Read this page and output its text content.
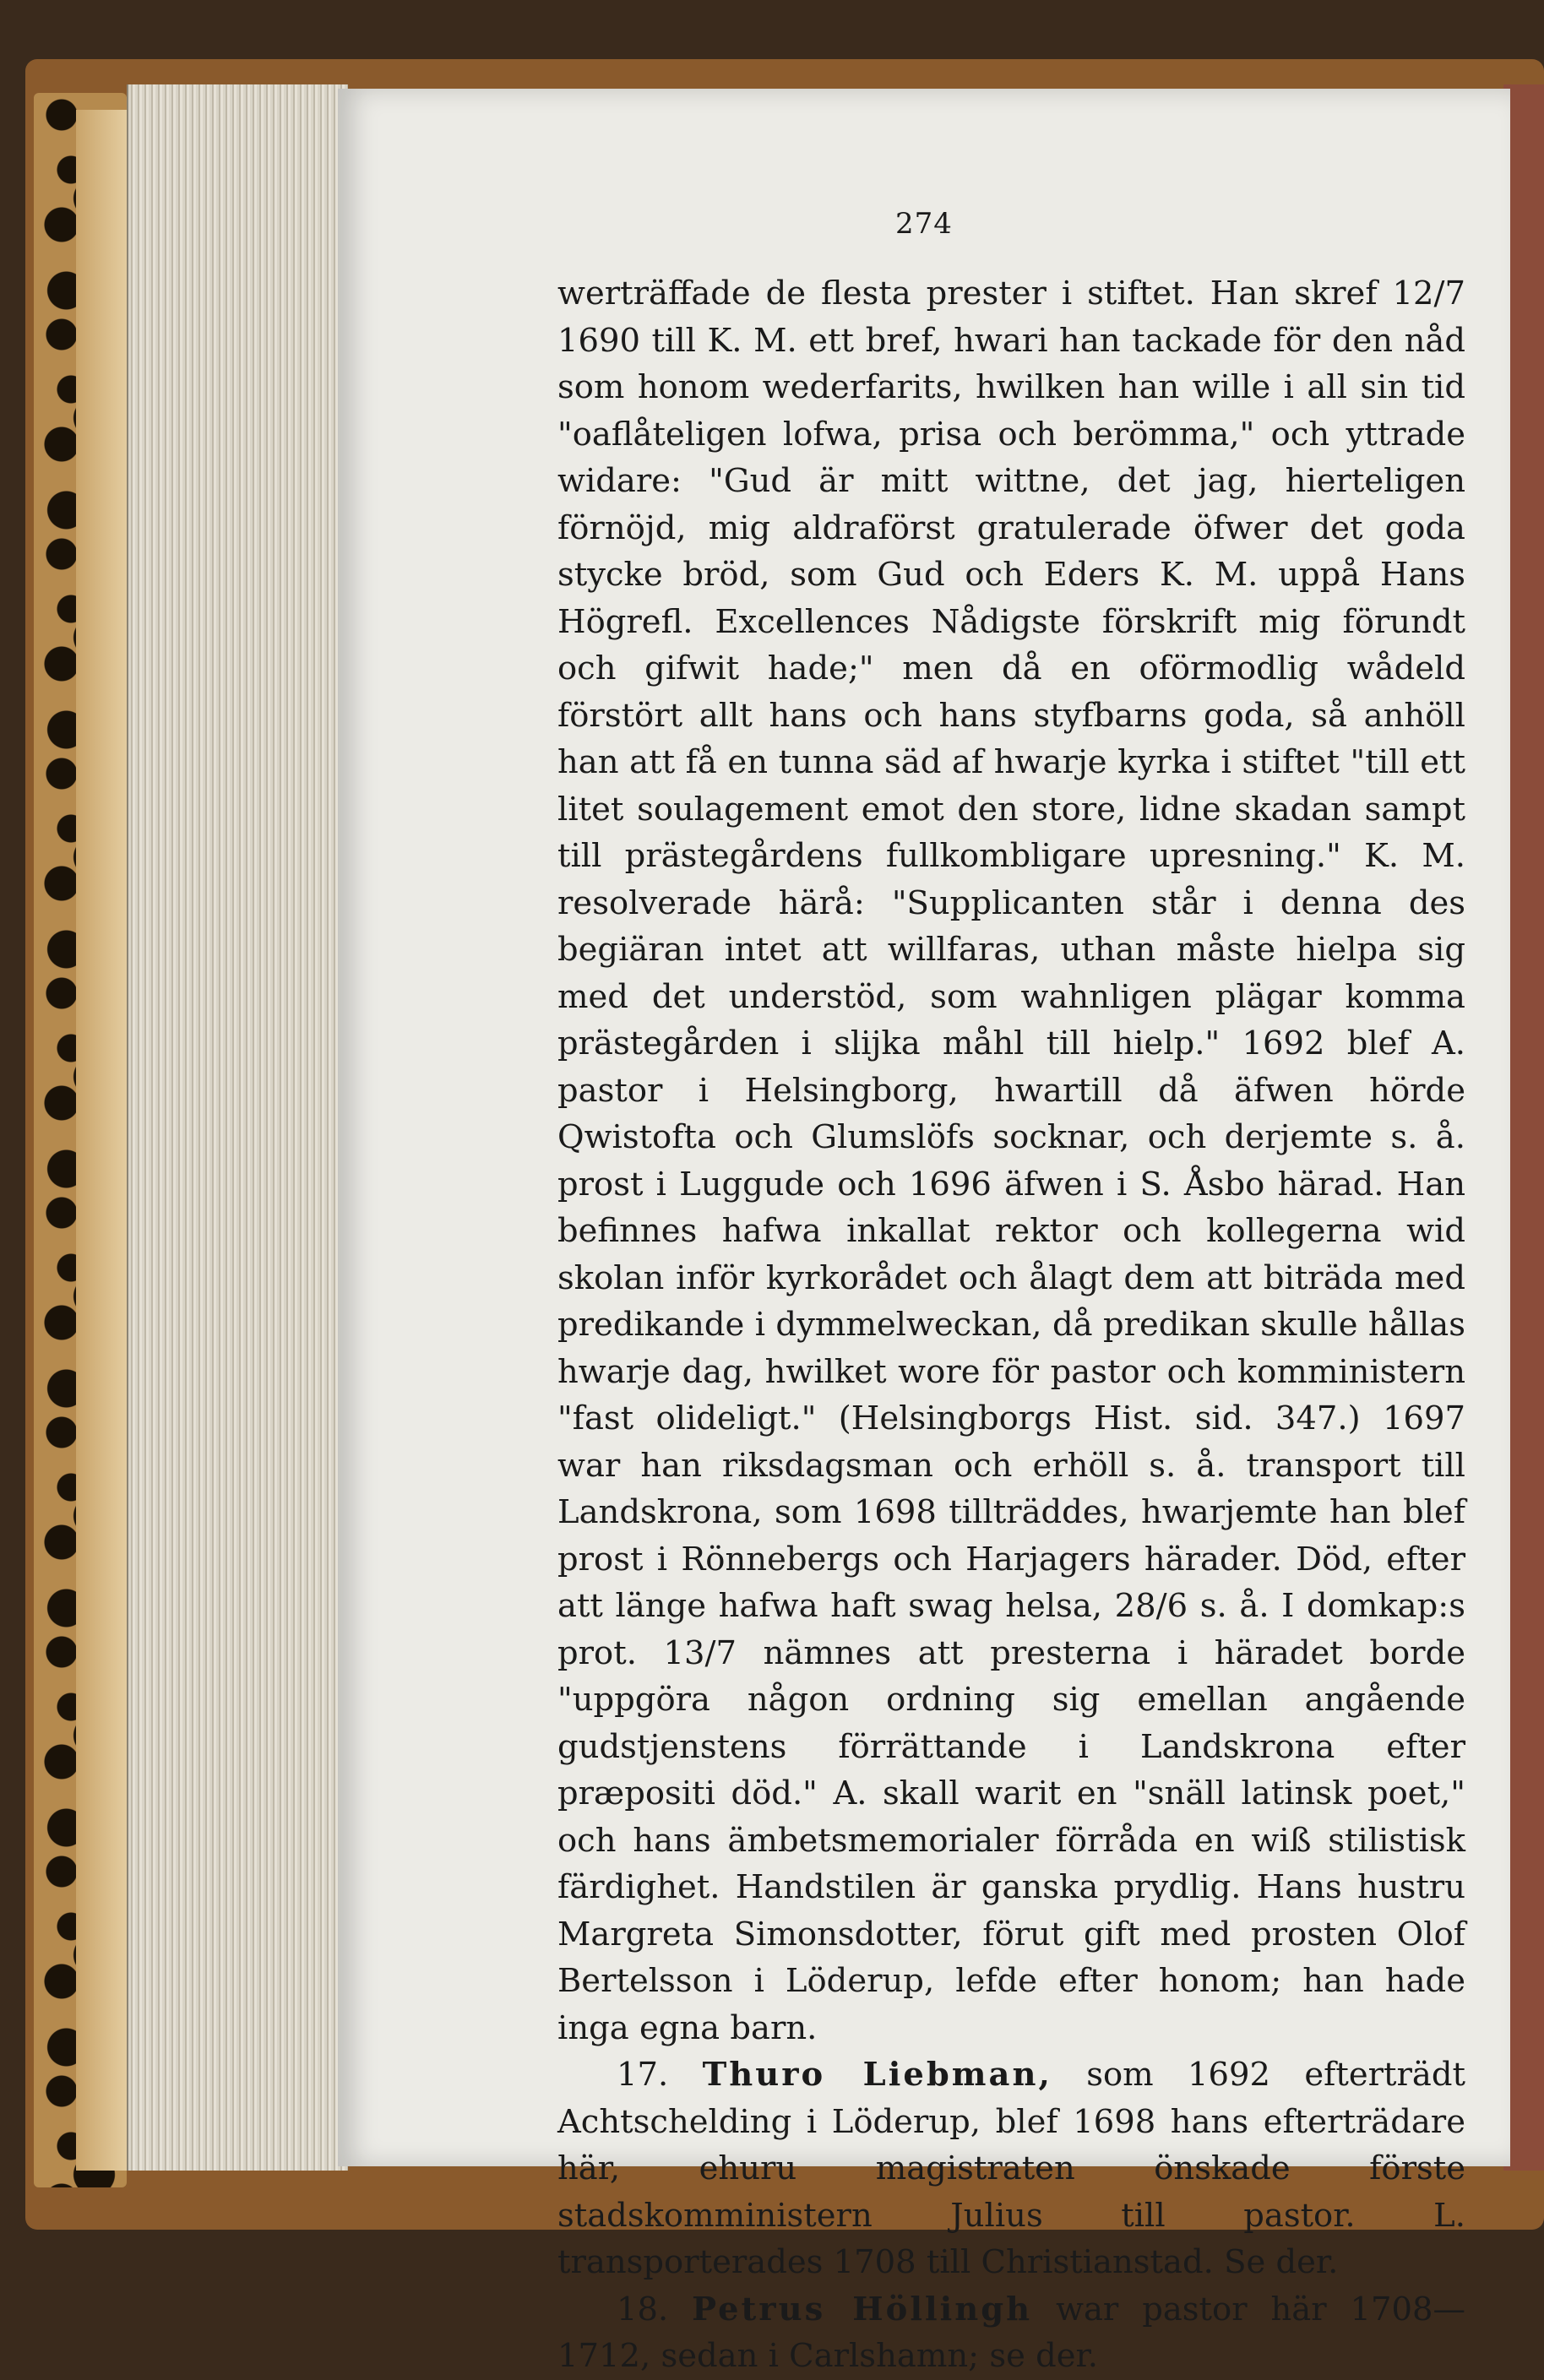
274

werträffade de flesta prester i stiftet. Han skref 12/7 1690 till K. M. ett bref, hwari han tackade för den nåd som honom wederfarits, hwilken han wille i all sin tid "oaflåteligen lofwa, prisa och berömma," och yttrade widare: "Gud är mitt wittne, det jag, hierteligen förnöjd, mig aldraförst gratulerade öfwer det goda stycke bröd, som Gud och Eders K. M. uppå Hans Högrefl. Excellences Nådigste förskrift mig förundt och gifwit hade;" men då en oförmodlig wådeld förstört allt hans och hans styfbarns goda, så anhöll han att få en tunna säd af hwarje kyrka i stiftet "till ett litet soulagement emot den store, lidne skadan sampt till prästegårdens fullkombligare upresning." K. M. resolverade härå: "Supplicanten står i denna des begiäran intet att willfaras, uthan måste hielpa sig med det understöd, som wahnligen plägar komma prästegården i slijka måhl till hielp." 1692 blef A. pastor i Helsingborg, hwartill då äfwen hörde Qwistofta och Glumslöfs socknar, och derjemte s. å. prost i Luggude och 1696 äfwen i S. Åsbo härad. Han befinnes hafwa inkallat rektor och kollegerna wid skolan inför kyrkorådet och ålagt dem att biträda med predikande i dymmelweckan, då predikan skulle hållas hwarje dag, hwilket wore för pastor och komministern "fast olideligt." (Helsingborgs Hist. sid. 347.) 1697 war han riksdagsman och erhöll s. å. transport till Landskrona, som 1698 tillträddes, hwarjemte han blef prost i Rönnebergs och Harjagers härader. Död, efter att länge hafwa haft swag helsa, 28/6 s. å. I domkap:s prot. 13/7 nämnes att presterna i häradet borde "uppgöra någon ordning sig emellan angående gudstjenstens förrättande i Landskrona efter præpositi död." A. skall warit en "snäll latinsk poet," och hans ämbetsmemorialer förråda en wiß stilistisk färdighet. Handstilen är ganska prydlig. Hans hustru Margreta Simonsdotter, förut gift med prosten Olof Bertelsson i Löderup, lefde efter honom; han hade inga egna barn.

17. Thuro Liebman, som 1692 efterträdt Achtschelding i Löderup, blef 1698 hans efterträdare här, ehuru magistraten önskade förste stadskomministern Julius till pastor. L. transporterades 1708 till Christianstad. Se der.

18. Petrus Höllingh war pastor här 1708—1712, sedan i Carlshamn; se der.
